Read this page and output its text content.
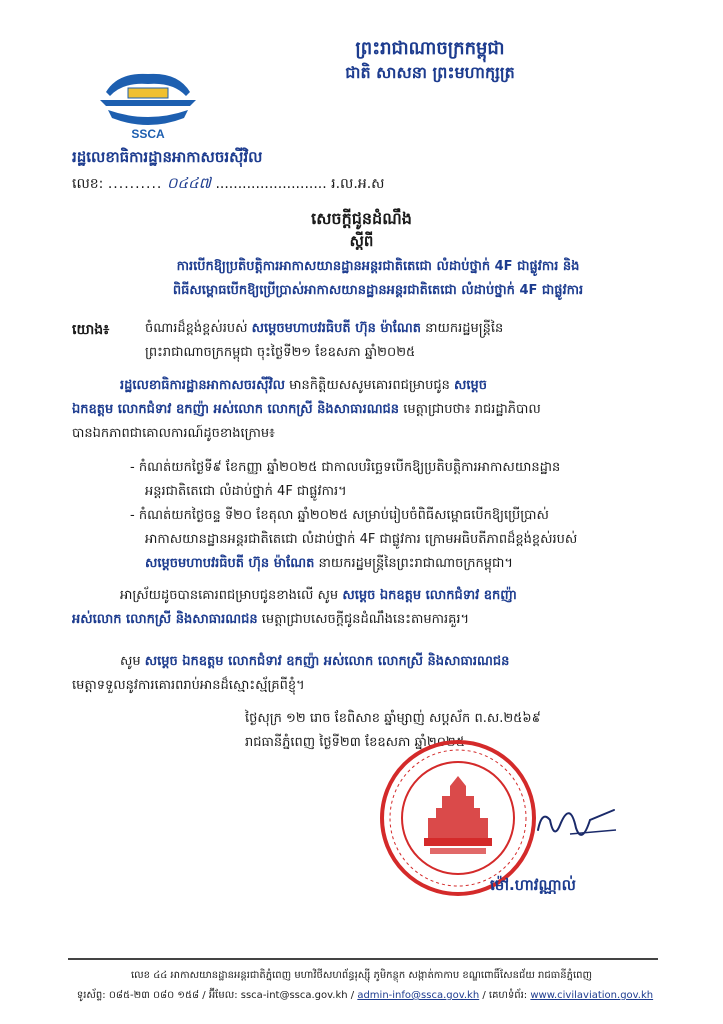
ព្រះរាជាណាចក្រកម្ពុជា
ជាតិ សាសនា ព្រះមហាក្សត្រ
SSCA
រដ្ឋលេខាធិការដ្ឋានអាកាសចរស៊ីវិល
លេខ: .......... ០៤៤៧ ......................... រ.ល.អ.ស
សេចក្តីជូនដំណឹង
ស្តីពី
ការបើកឱ្យប្រតិបត្តិការអាកាសយានដ្ឋានអន្តរជាតិតេជោ លំដាប់ថ្នាក់ 4F ជាផ្លូវការ និង
ពិធីសម្ពោធបើកឱ្យប្រើប្រាស់អាកាសយានដ្ឋានអន្តរជាតិតេជោ លំដាប់ថ្នាក់ 4F ជាផ្លូវការ
យោង៖	ចំណារដ៏ខ្ពង់ខ្ពស់របស់ សម្តេចមហាបវរធិបតី ហ៊ុន ម៉ាណែត នាយករដ្ឋមន្ត្រីនៃ
ព្រះរាជាណាចក្រកម្ពុជា ចុះថ្ងៃទី២១ ខែឧសភា ឆ្នាំ២០២៥
រដ្ឋលេខាធិការដ្ឋានអាកាសចរស៊ីវិល មានកិត្តិយសសូមគោរពជម្រាបជូន សម្តេច
ឯកឧត្តម លោកជំទាវ ឧកញ៉ា អស់លោក លោកស្រី និងសាធារណជន មេត្តាជ្រាបថា៖ រាជរដ្ឋាភិបាល
បានឯកភាពជាគោលការណ៍ដូចខាងក្រោម៖
- កំណត់យកថ្ងៃទី៩ ខែកញ្ញា ឆ្នាំ២០២៥ ជាកាលបរិច្ឆេទបើកឱ្យប្រតិបត្តិការអាកាសយានដ្ឋាន
អន្តរជាតិតេជោ លំដាប់ថ្នាក់ 4F ជាផ្លូវការ។
- កំណត់យកថ្ងៃចន្ទ ទី២០ ខែតុលា ឆ្នាំ២០២៥ សម្រាប់រៀបចំពិធីសម្ពោធបើកឱ្យប្រើប្រាស់
អាកាសយានដ្ឋានអន្តរជាតិតេជោ លំដាប់ថ្នាក់ 4F ជាផ្លូវការ ក្រោមអធិបតីភាពដ៏ខ្ពង់ខ្ពស់របស់
សម្តេចមហាបវរធិបតី ហ៊ុន ម៉ាណែត នាយករដ្ឋមន្ត្រីនៃព្រះរាជាណាចក្រកម្ពុជា។
អាស្រ័យដូចបានគោរពជម្រាបជូនខាងលើ សូម សម្តេច ឯកឧត្តម លោកជំទាវ ឧកញ៉ា
អស់លោក លោកស្រី និងសាធារណជន មេត្តាជ្រាបសេចក្តីជូនដំណឹងនេះតាមការគួរ។
សូម សម្តេច ឯកឧត្តម លោកជំទាវ ឧកញ៉ា អស់លោក លោកស្រី និងសាធារណជន
មេត្តាទទួលនូវការគោរពរាប់អានដ៏ស្មោះស្ម័គ្រពីខ្ញុំ។
ថ្ងៃសុក្រ ១២ រោច ខែពិសាខ ឆ្នាំម្សាញ់ សប្តស័ក ព.ស.២៥៦៩
រាជធានីភ្នំពេញ ថ្ងៃទី២៣ ខែឧសភា ឆ្នាំ២០២៥
ម៉ៅ.ហាវណ្ណាល់
លេខ ៤៤ អាកាសយានដ្ឋានអន្តរជាតិភ្នំពេញ មហាវិថីសហព័ន្ធរុស្ស៊ី ភូមិកន្ថុក សង្កាត់កាកាប ខណ្ឌពោធិ៍សែនជ័យ រាជធានីភ្នំពេញ
ទូរស័ព្ទ: ០៨៥-២៣ ០៨០ ១៥៨ / អ៊ីមែល: ssca-int@ssca.gov.kh / admin-info@ssca.gov.kh / គេហទំព័រ: www.civilaviation.gov.kh
